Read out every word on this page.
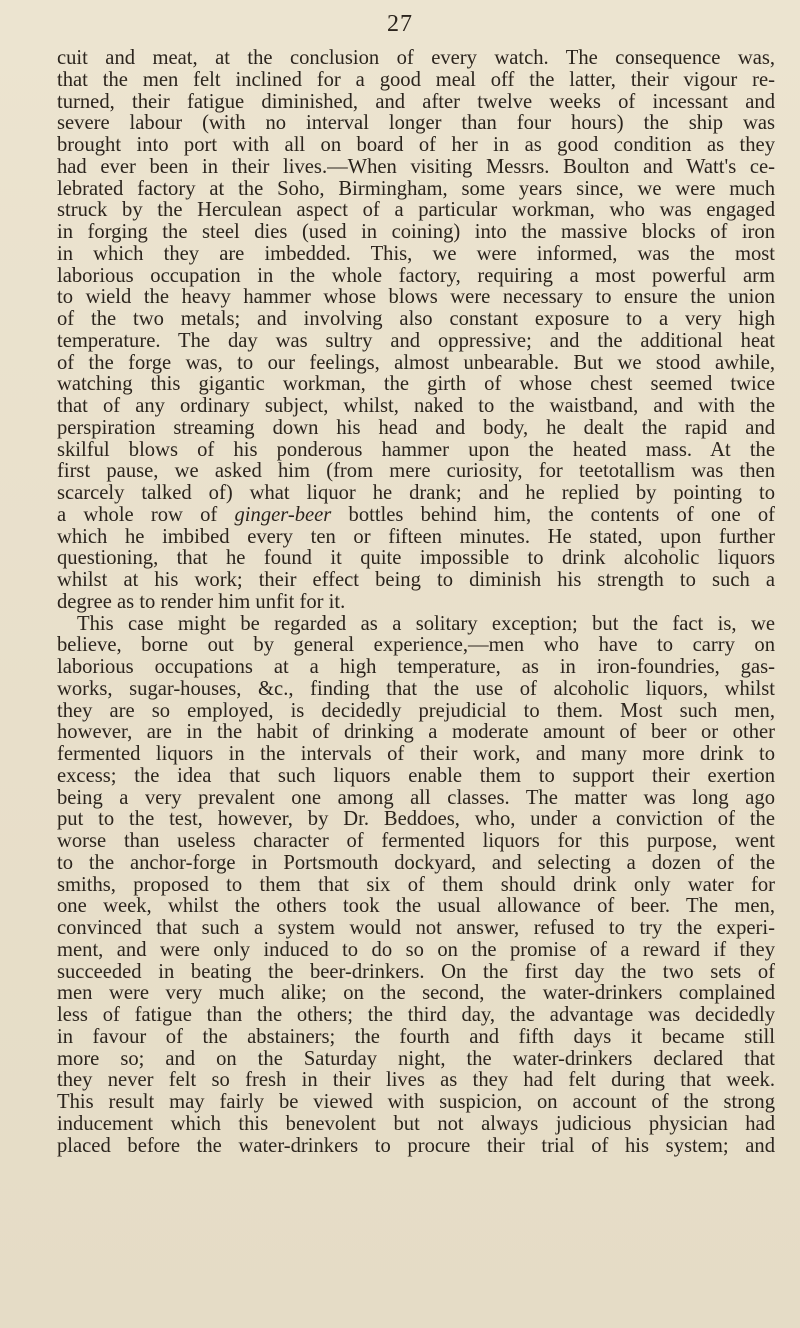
27
cuit and meat, at the conclusion of every watch. The consequence was,
that the men felt inclined for a good meal off the latter, their vigour re-
turned, their fatigue diminished, and after twelve weeks of incessant and
severe labour (with no interval longer than four hours) the ship was
brought into port with all on board of her in as good condition as they
had ever been in their lives.—When visiting Messrs. Boulton and Watt's ce-
lebrated factory at the Soho, Birmingham, some years since, we were much
struck by the Herculean aspect of a particular workman, who was engaged
in forging the steel dies (used in coining) into the massive blocks of iron
in which they are imbedded. This, we were informed, was the most
laborious occupation in the whole factory, requiring a most powerful arm
to wield the heavy hammer whose blows were necessary to ensure the union
of the two metals; and involving also constant exposure to a very high
temperature. The day was sultry and oppressive; and the additional heat
of the forge was, to our feelings, almost unbearable. But we stood awhile,
watching this gigantic workman, the girth of whose chest seemed twice
that of any ordinary subject, whilst, naked to the waistband, and with the
perspiration streaming down his head and body, he dealt the rapid and
skilful blows of his ponderous hammer upon the heated mass. At the
first pause, we asked him (from mere curiosity, for teetotallism was then
scarcely talked of) what liquor he drank; and he replied by pointing to
a whole row of ginger-beer bottles behind him, the contents of one of
which he imbibed every ten or fifteen minutes. He stated, upon further
questioning, that he found it quite impossible to drink alcoholic liquors
whilst at his work; their effect being to diminish his strength to such a
degree as to render him unfit for it.
This case might be regarded as a solitary exception; but the fact is, we
believe, borne out by general experience,—men who have to carry on
laborious occupations at a high temperature, as in iron-foundries, gas-
works, sugar-houses, &c., finding that the use of alcoholic liquors, whilst
they are so employed, is decidedly prejudicial to them. Most such men,
however, are in the habit of drinking a moderate amount of beer or other
fermented liquors in the intervals of their work, and many more drink to
excess; the idea that such liquors enable them to support their exertion
being a very prevalent one among all classes. The matter was long ago
put to the test, however, by Dr. Beddoes, who, under a conviction of the
worse than useless character of fermented liquors for this purpose, went
to the anchor-forge in Portsmouth dockyard, and selecting a dozen of the
smiths, proposed to them that six of them should drink only water for
one week, whilst the others took the usual allowance of beer. The men,
convinced that such a system would not answer, refused to try the experi-
ment, and were only induced to do so on the promise of a reward if they
succeeded in beating the beer-drinkers. On the first day the two sets of
men were very much alike; on the second, the water-drinkers complained
less of fatigue than the others; the third day, the advantage was decidedly
in favour of the abstainers; the fourth and fifth days it became still
more so; and on the Saturday night, the water-drinkers declared that
they never felt so fresh in their lives as they had felt during that week.
This result may fairly be viewed with suspicion, on account of the strong
inducement which this benevolent but not always judicious physician had
placed before the water-drinkers to procure their trial of his system; and
